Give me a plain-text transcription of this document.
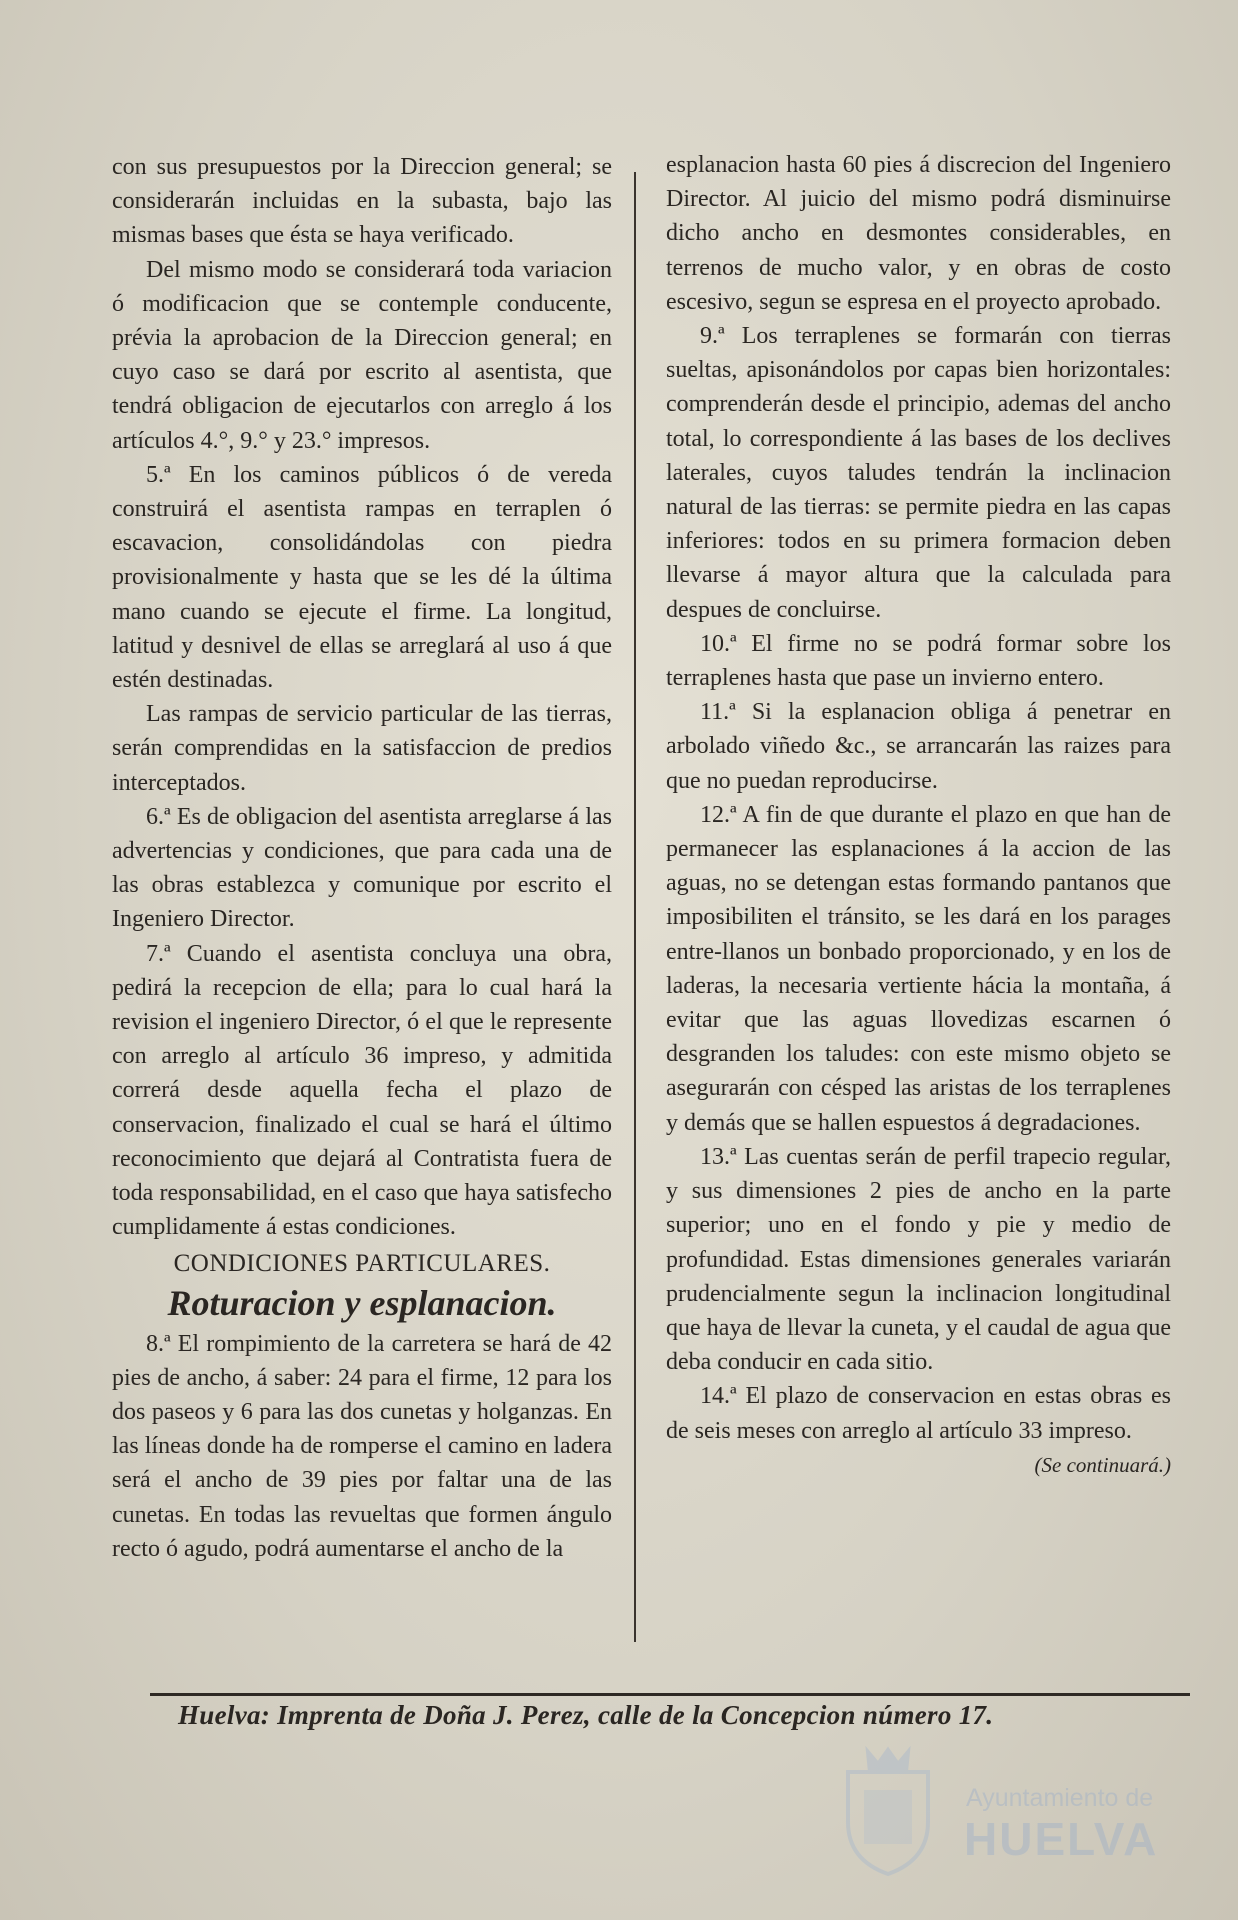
con sus presupuestos por la Direccion general; se considerarán incluidas en la subasta, bajo las mismas bases que ésta se haya verificado.

Del mismo modo se considerará toda variacion ó modificacion que se contemple conducente, prévia la aprobacion de la Direccion general; en cuyo caso se dará por escrito al asentista, que tendrá obligacion de ejecutarlos con arreglo á los artículos 4.°, 9.° y 23.° impresos.

5.ª En los caminos públicos ó de vereda construirá el asentista rampas en terraplen ó escavacion, consolidándolas con piedra provisionalmente y hasta que se les dé la última mano cuando se ejecute el firme. La longitud, latitud y desnivel de ellas se arreglará al uso á que estén destinadas.

Las rampas de servicio particular de las tierras, serán comprendidas en la satisfaccion de predios interceptados.

6.ª Es de obligacion del asentista arreglarse á las advertencias y condiciones, que para cada una de las obras establezca y comunique por escrito el Ingeniero Director.

7.ª Cuando el asentista concluya una obra, pedirá la recepcion de ella; para lo cual hará la revision el ingeniero Director, ó el que le represente con arreglo al artículo 36 impreso, y admitida correrá desde aquella fecha el plazo de conservacion, finalizado el cual se hará el último reconocimiento que dejará al Contratista fuera de toda responsabilidad, en el caso que haya satisfecho cumplidamente á estas condiciones.

CONDICIONES PARTICULARES.
Roturacion y esplanacion.

8.ª El rompimiento de la carretera se hará de 42 pies de ancho, á saber: 24 para el firme, 12 para los dos paseos y 6 para las dos cunetas y holganzas. En las líneas donde ha de romperse el camino en ladera será el ancho de 39 pies por faltar una de las cunetas. En todas las revueltas que formen ángulo recto ó agudo, podrá aumentarse el ancho de la

esplanacion hasta 60 pies á discrecion del Ingeniero Director. Al juicio del mismo podrá disminuirse dicho ancho en desmontes considerables, en terrenos de mucho valor, y en obras de costo escesivo, segun se espresa en el proyecto aprobado.

9.ª Los terraplenes se formarán con tierras sueltas, apisonándolos por capas bien horizontales: comprenderán desde el principio, ademas del ancho total, lo correspondiente á las bases de los declives laterales, cuyos taludes tendrán la inclinacion natural de las tierras: se permite piedra en las capas inferiores: todos en su primera formacion deben llevarse á mayor altura que la calculada para despues de concluirse.

10.ª El firme no se podrá formar sobre los terraplenes hasta que pase un invierno entero.

11.ª Si la esplanacion obliga á penetrar en arbolado viñedo &c., se arrancarán las raizes para que no puedan reproducirse.

12.ª A fin de que durante el plazo en que han de permanecer las esplanaciones á la accion de las aguas, no se detengan estas formando pantanos que imposibiliten el tránsito, se les dará en los parages entre-llanos un bonbado proporcionado, y en los de laderas, la necesaria vertiente hácia la montaña, á evitar que las aguas llovedizas escarnen ó desgranden los taludes: con este mismo objeto se asegurarán con césped las aristas de los terraplenes y demás que se hallen espuestos á degradaciones.

13.ª Las cuentas serán de perfil trapecio regular, y sus dimensiones 2 pies de ancho en la parte superior; uno en el fondo y pie y medio de profundidad. Estas dimensiones generales variarán prudencialmente segun la inclinacion longitudinal que haya de llevar la cuneta, y el caudal de agua que deba conducir en cada sitio.

14.ª El plazo de conservacion en estas obras es de seis meses con arreglo al artículo 33 impreso.
(Se continuará.)

Huelva: Imprenta de Doña J. Perez, calle de la Concepcion número 17.
Ayuntamiento de
HUELVA
